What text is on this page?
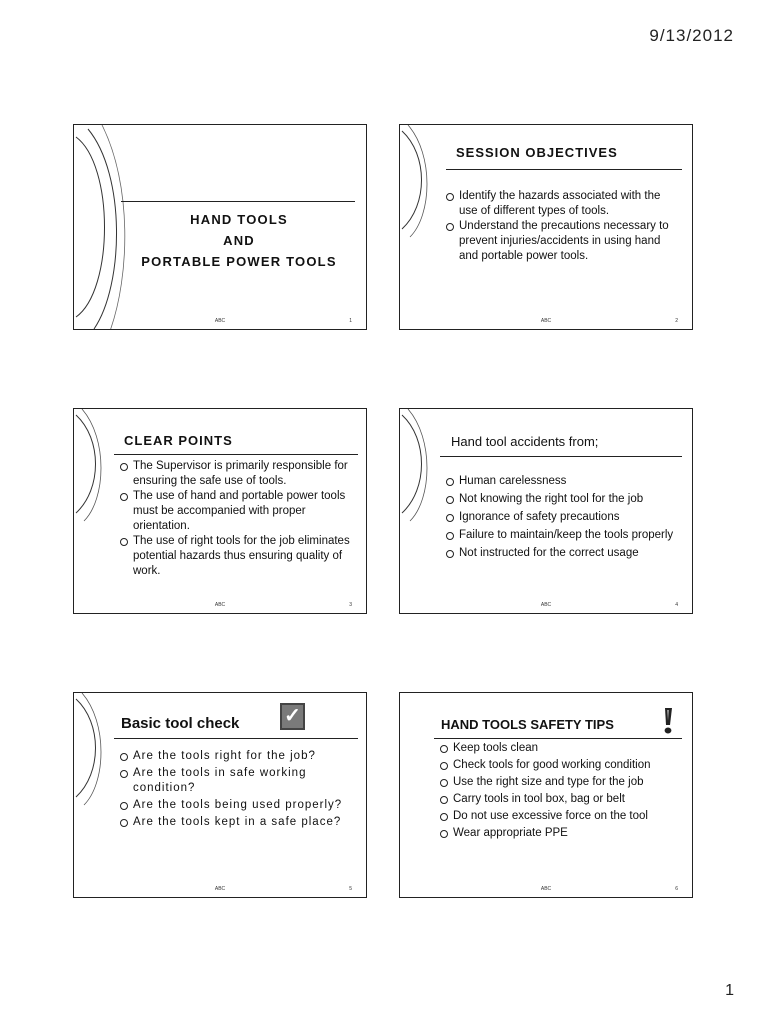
9/13/2012
HAND TOOLS
AND
PORTABLE POWER TOOLS
ABC	1
SESSION OBJECTIVES
Identify the hazards associated with the use of different types of tools.
Understand the precautions necessary to prevent injuries/accidents in using hand and portable power tools.
ABC	2
CLEAR POINTS
The Supervisor is primarily responsible for ensuring the safe use of tools.
The use of hand and portable power tools must be accompanied with proper orientation.
The use of right tools for the job eliminates potential hazards thus ensuring quality of work.
ABC	3
Hand tool accidents from;
Human carelessness
Not knowing the right tool for the job
Ignorance of safety precautions
Failure to maintain/keep the tools properly
Not instructed for the correct usage
ABC	4
Basic tool check ✓
Are the tools right for the job?
Are the tools in safe working condition?
Are the tools being used properly?
Are the tools kept in a safe place?
ABC	5
HAND TOOLS SAFETY TIPS
Keep tools clean
Check tools for good working condition
Use the right size and type for the job
Carry tools in tool box, bag or belt
Do not use excessive force on the tool
Wear appropriate PPE
ABC	6
1
